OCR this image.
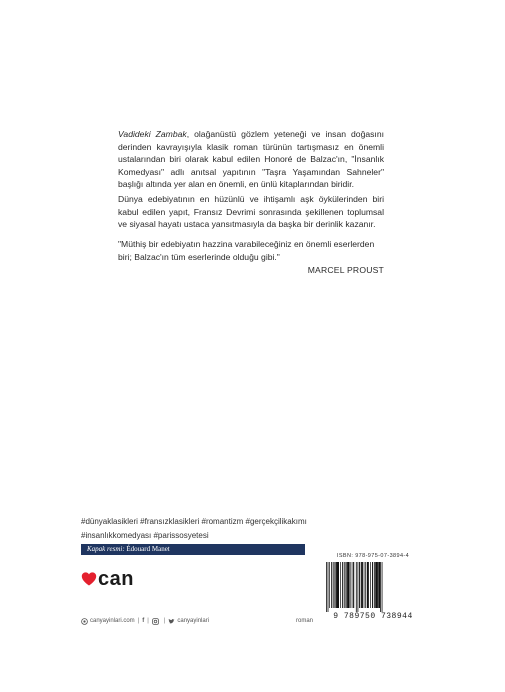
Vadideki Zambak, olağanüstü gözlem yeteneği ve insan doğasını derinden kavrayışıyla klasik roman türünün tartışmasız en önemli ustalarından biri olarak kabul edilen Honoré de Balzac'ın, "İnsanlık Komedyası" adlı anıtsal yapıtının "Taşra Yaşamından Sahneler" başlığı altında yer alan en önemli, en ünlü kitaplarından biridir.

Dünya edebiyatının en hüzünlü ve ihtişamlı aşk öykülerinden biri kabul edilen yapıt, Fransız Devrimi sonrasında şekillenen toplumsal ve siyasal hayatı ustaca yansıtmasıyla da başka bir derinlik kazanır.

"Müthiş bir edebiyatın hazzina varabileceğiniz en önemli eserlerden biri; Balzac'ın tüm eserlerinde olduğu gibi."

MARCEL PROUST
#dünyaklasikleri #fransızklasikleri #romantizm #gerçekçilikakımı
#insanlıkkomedyası #parissosyetesi
Kapak resmi: Édouard Manet
can
canyayinlari.com | f |	| canyayinlari	roman
ISBN: 978-975-07-3894-4
9 789750 738944
